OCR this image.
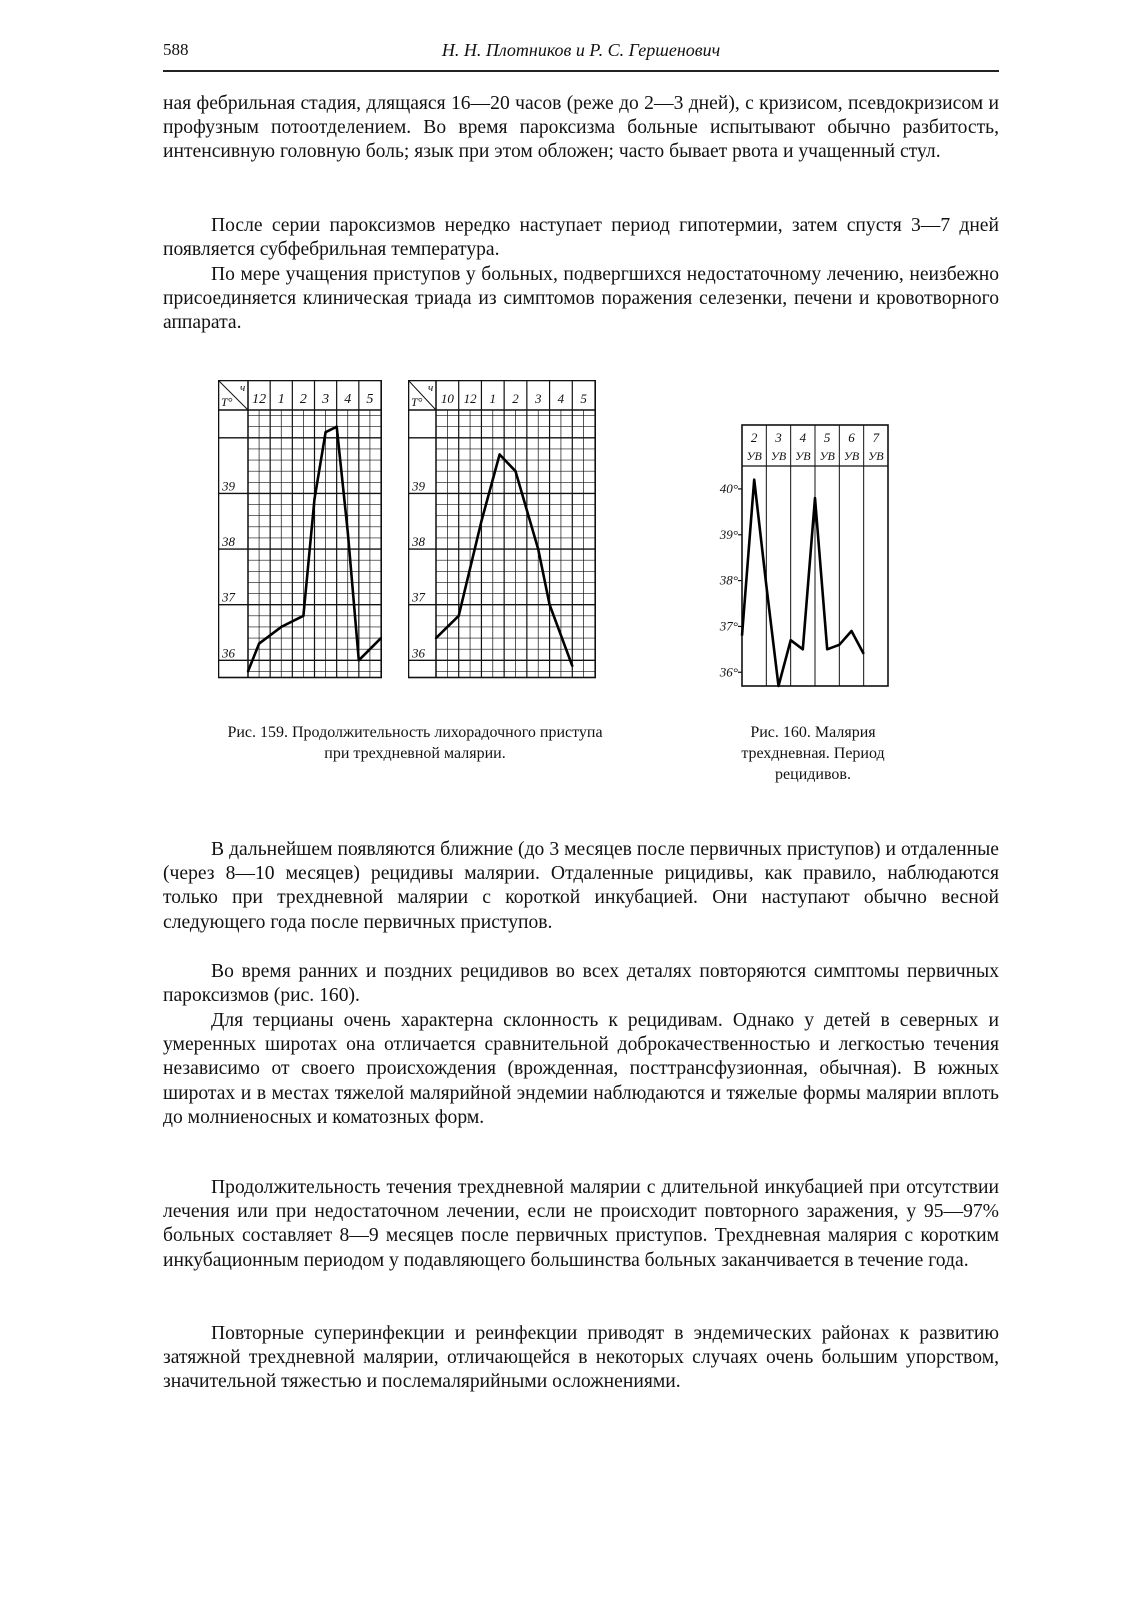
588	Н. Н. Плотников и Р. С. Гершенович

ная фебрильная стадия, длящаяся 16—20 часов (реже до 2—3 дней), с кризисом, псевдокризисом и профузным потоотделением. Во время пароксизма больные испытывают обычно разбитость, интенсивную головную боль; язык при этом обложен; часто бывает рвота и учащенный стул.

После серии пароксизмов нередко наступает период гипотермии, затем спустя 3—7 дней появляется субфебрильная температура.

По мере учащения приступов у больных, подвергшихся недостаточному лечению, неизбежно присоединяется клиническая триада из симптомов поражения селезенки, печени и кровотворного аппарата.

12 1 2 3 4 5
T°
ч
39
38
37
36
10 12 1 2 3 4 5
T°
ч
39
38
37
36
2
УВ
3
УВ
4
УВ
5
УВ
6
УВ
7
УВ
40°
39°
38°
37°
36°

Рис. 159. Продолжительность лихорадочного приступа при трехдневной малярии.

Рис. 160. Малярия трехдневная. Период рецидивов.

В дальнейшем появляются ближние (до 3 месяцев после первичных приступов) и отдаленные (через 8—10 месяцев) рецидивы малярии. Отдаленные рицидивы, как правило, наблюдаются только при трехдневной малярии с короткой инкубацией. Они наступают обычно весной следующего года после первичных приступов.

Во время ранних и поздних рецидивов во всех деталях повторяются симптомы первичных пароксизмов (рис. 160).

Для терцианы очень характерна склонность к рецидивам. Однако у детей в северных и умеренных широтах она отличается сравнительной доброкачественностью и легкостью течения независимо от своего происхождения (врожденная, посттрансфузионная, обычная). В южных широтах и в местах тяжелой малярийной эндемии наблюдаются и тяжелые формы малярии вплоть до молниеносных и коматозных форм.

Продолжительность течения трехдневной малярии с длительной инкубацией при отсутствии лечения или при недостаточном лечении, если не происходит повторного заражения, у 95—97% больных составляет 8—9 месяцев после первичных приступов. Трехдневная малярия с коротким инкубационным периодом у подавляющего большинства больных заканчивается в течение года.

Повторные суперинфекции и реинфекции приводят в эндемических районах к развитию затяжной трехдневной малярии, отличающейся в некоторых случаях очень большим упорством, значительной тяжестью и послемалярийными осложнениями.
